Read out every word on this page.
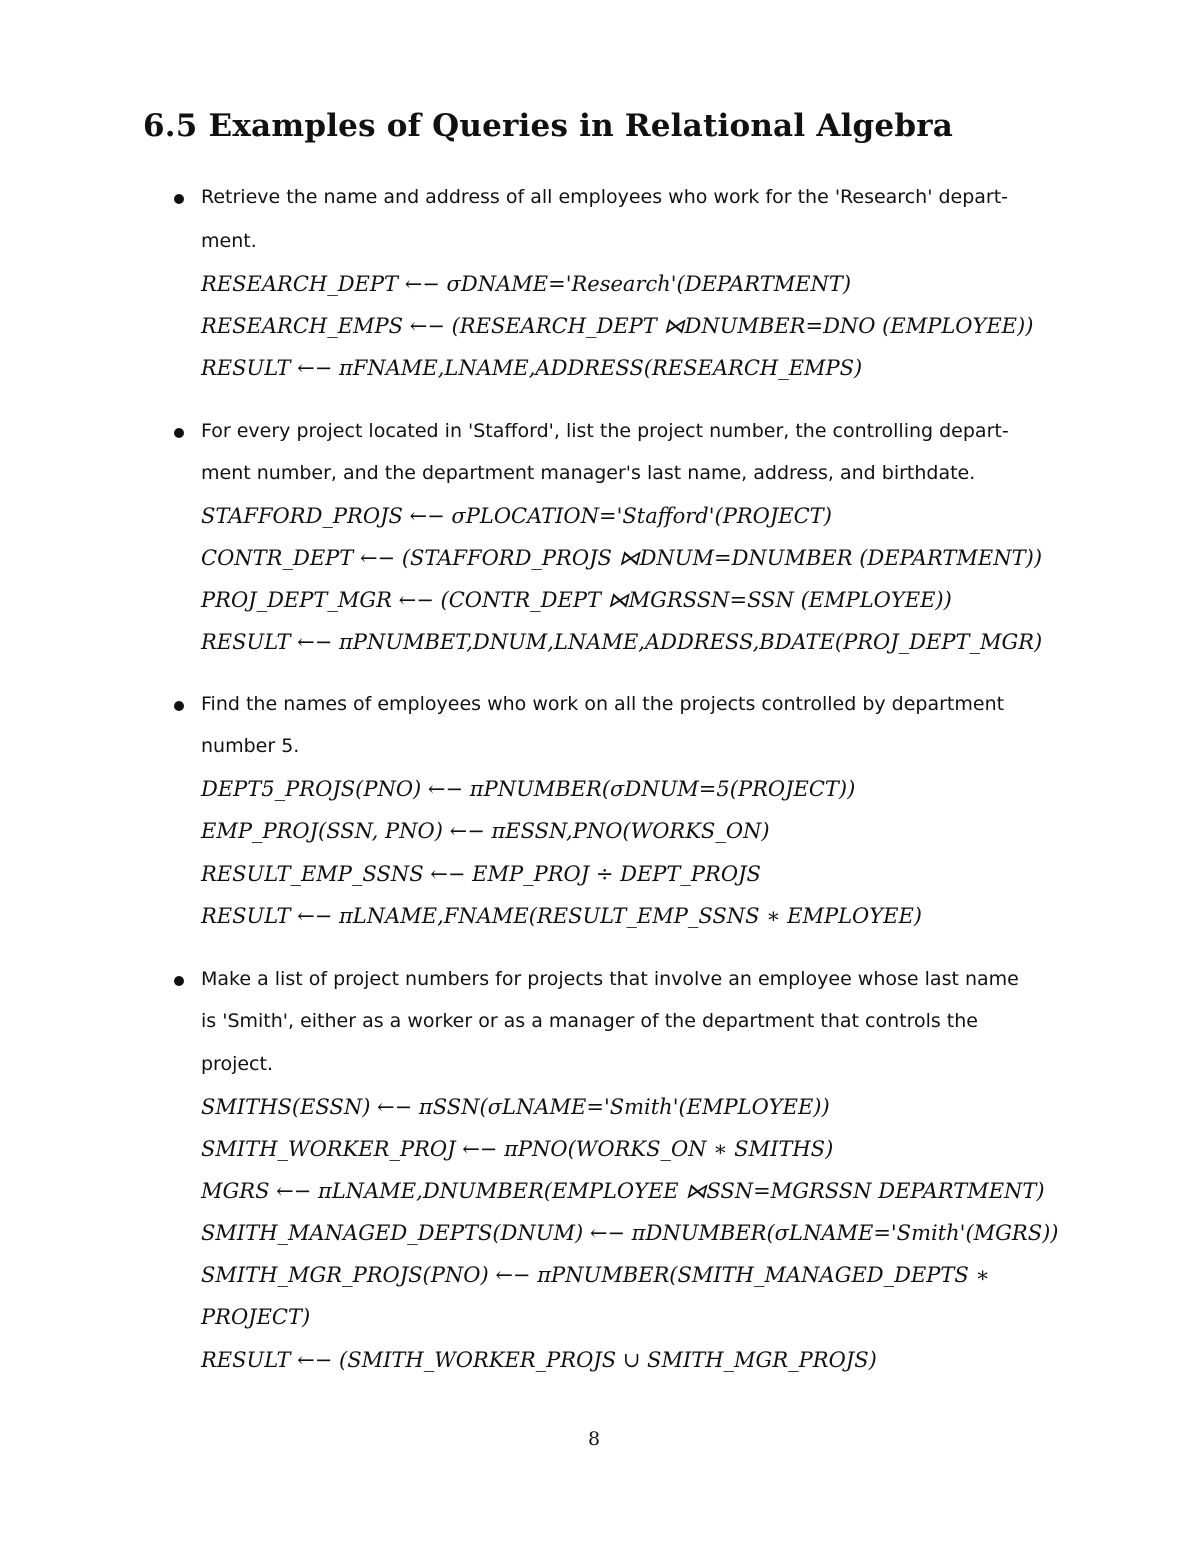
6.5 Examples of Queries in Relational Algebra
Retrieve the name and address of all employees who work for the 'Research' depart-
ment.
RESEARCH_DEPT ←− σDNAME='Research'(DEPARTMENT)
RESEARCH_EMPS ←− (RESEARCH_DEPT ⋈DNUMBER=DNO (EMPLOYEE))
RESULT ←− πFNAME,LNAME,ADDRESS(RESEARCH_EMPS)
For every project located in 'Stafford', list the project number, the controlling depart-
ment number, and the department manager's last name, address, and birthdate.
STAFFORD_PROJS ←− σPLOCATION='Stafford'(PROJECT)
CONTR_DEPT ←− (STAFFORD_PROJS ⋈DNUM=DNUMBER (DEPARTMENT))
PROJ_DEPT_MGR ←− (CONTR_DEPT ⋈MGRSSN=SSN (EMPLOYEE))
RESULT ←− πPNUMBET,DNUM,LNAME,ADDRESS,BDATE(PROJ_DEPT_MGR)
Find the names of employees who work on all the projects controlled by department
number 5.
DEPT5_PROJS(PNO) ←− πPNUMBER(σDNUM=5(PROJECT))
EMP_PROJ(SSN, PNO) ←− πESSN,PNO(WORKS_ON)
RESULT_EMP_SSNS ←− EMP_PROJ ÷ DEPT_PROJS
RESULT ←− πLNAME,FNAME(RESULT_EMP_SSNS ∗ EMPLOYEE)
Make a list of project numbers for projects that involve an employee whose last name
is 'Smith', either as a worker or as a manager of the department that controls the
project.
SMITHS(ESSN) ←− πSSN(σLNAME='Smith'(EMPLOYEE))
SMITH_WORKER_PROJ ←− πPNO(WORKS_ON ∗ SMITHS)
MGRS ←− πLNAME,DNUMBER(EMPLOYEE ⋈SSN=MGRSSN DEPARTMENT)
SMITH_MANAGED_DEPTS(DNUM) ←− πDNUMBER(σLNAME='Smith'(MGRS))
SMITH_MGR_PROJS(PNO) ←− πPNUMBER(SMITH_MANAGED_DEPTS ∗
PROJECT)
RESULT ←− (SMITH_WORKER_PROJS ∪ SMITH_MGR_PROJS)
8
